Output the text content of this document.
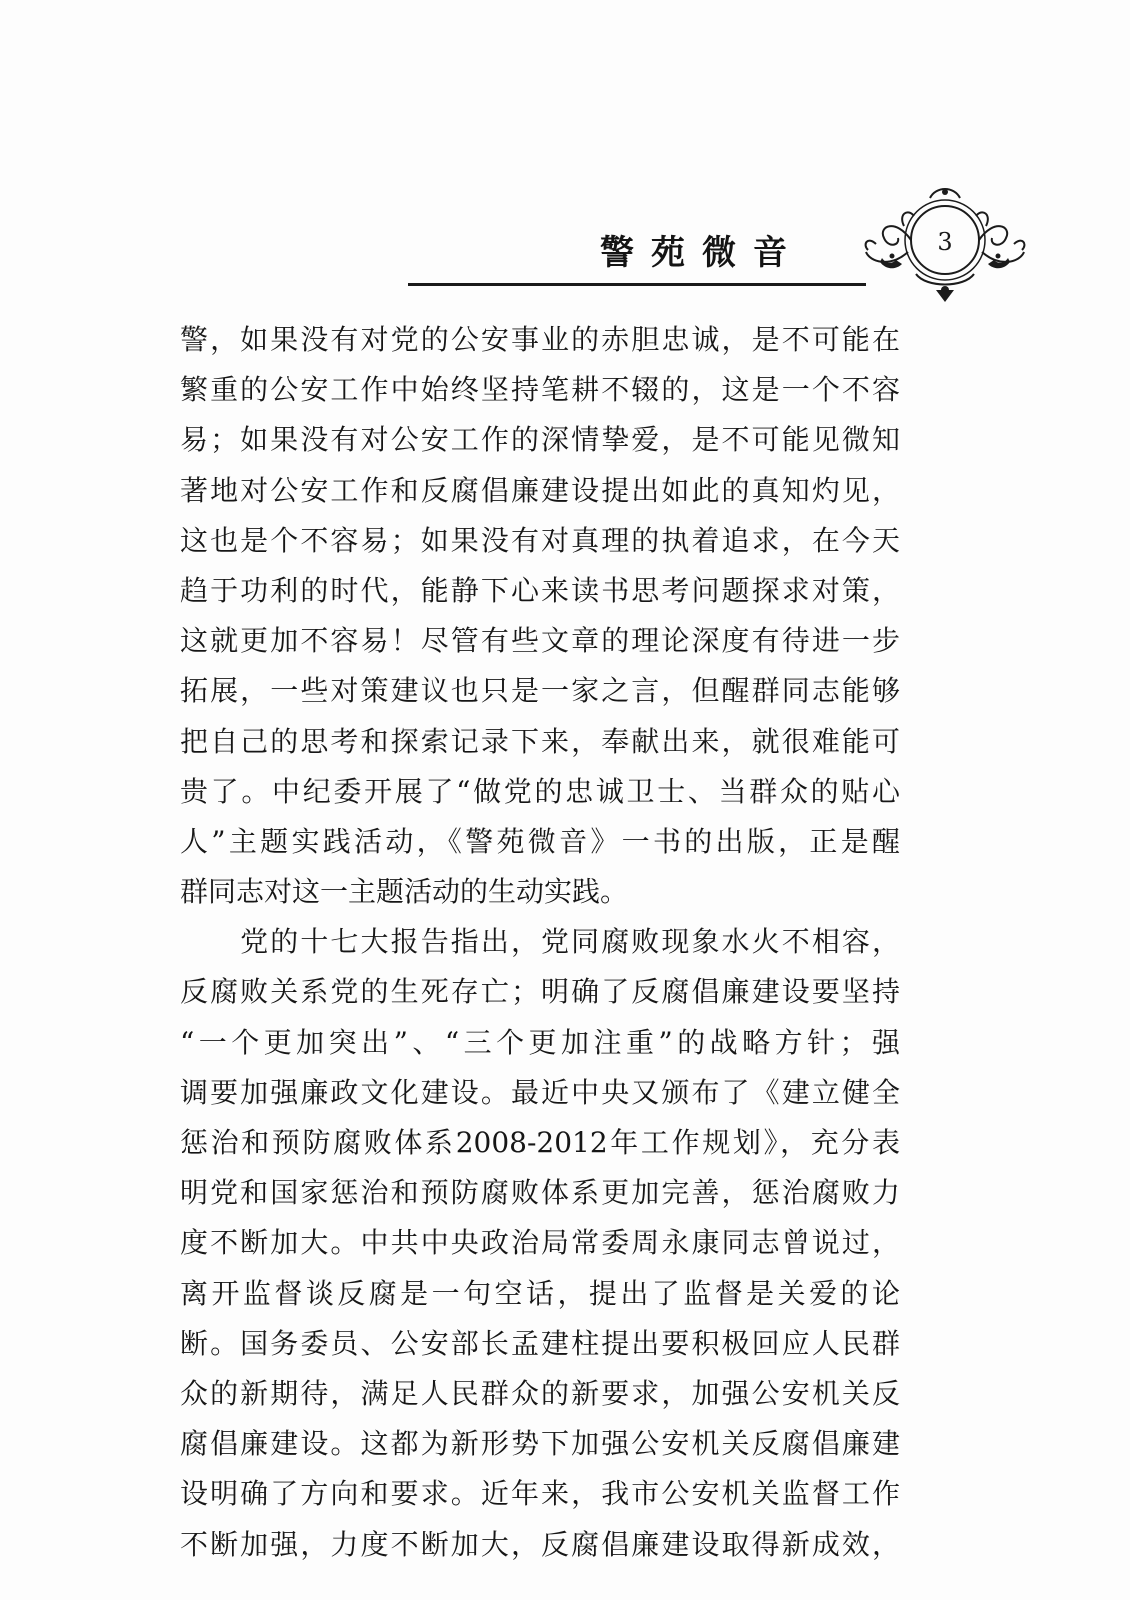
警苑微音	3
警，如果没有对党的公安事业的赤胆忠诚，是不可能在
繁重的公安工作中始终坚持笔耕不辍的，这是一个不容
易；如果没有对公安工作的深情挚爱，是不可能见微知
著地对公安工作和反腐倡廉建设提出如此的真知灼见，
这也是个不容易；如果没有对真理的执着追求，在今天
趋于功利的时代，能静下心来读书思考问题探求对策，
这就更加不容易！尽管有些文章的理论深度有待进一步
拓展，一些对策建议也只是一家之言，但醒群同志能够
把自己的思考和探索记录下来，奉献出来，就很难能可
贵了。中纪委开展了“做党的忠诚卫士、当群众的贴心
人”主题实践活动，《警苑微音》一书的出版，正是醒
群同志对这一主题活动的生动实践。
　　党的十七大报告指出，党同腐败现象水火不相容，
反腐败关系党的生死存亡；明确了反腐倡廉建设要坚持
“一个更加突出”、“三个更加注重”的战略方针；强
调要加强廉政文化建设。最近中央又颁布了《建立健全
惩治和预防腐败体系2008-2012年工作规划》，充分表
明党和国家惩治和预防腐败体系更加完善，惩治腐败力
度不断加大。中共中央政治局常委周永康同志曾说过，
离开监督谈反腐是一句空话，提出了监督是关爱的论
断。国务委员、公安部长孟建柱提出要积极回应人民群
众的新期待，满足人民群众的新要求，加强公安机关反
腐倡廉建设。这都为新形势下加强公安机关反腐倡廉建
设明确了方向和要求。近年来，我市公安机关监督工作
不断加强，力度不断加大，反腐倡廉建设取得新成效，
